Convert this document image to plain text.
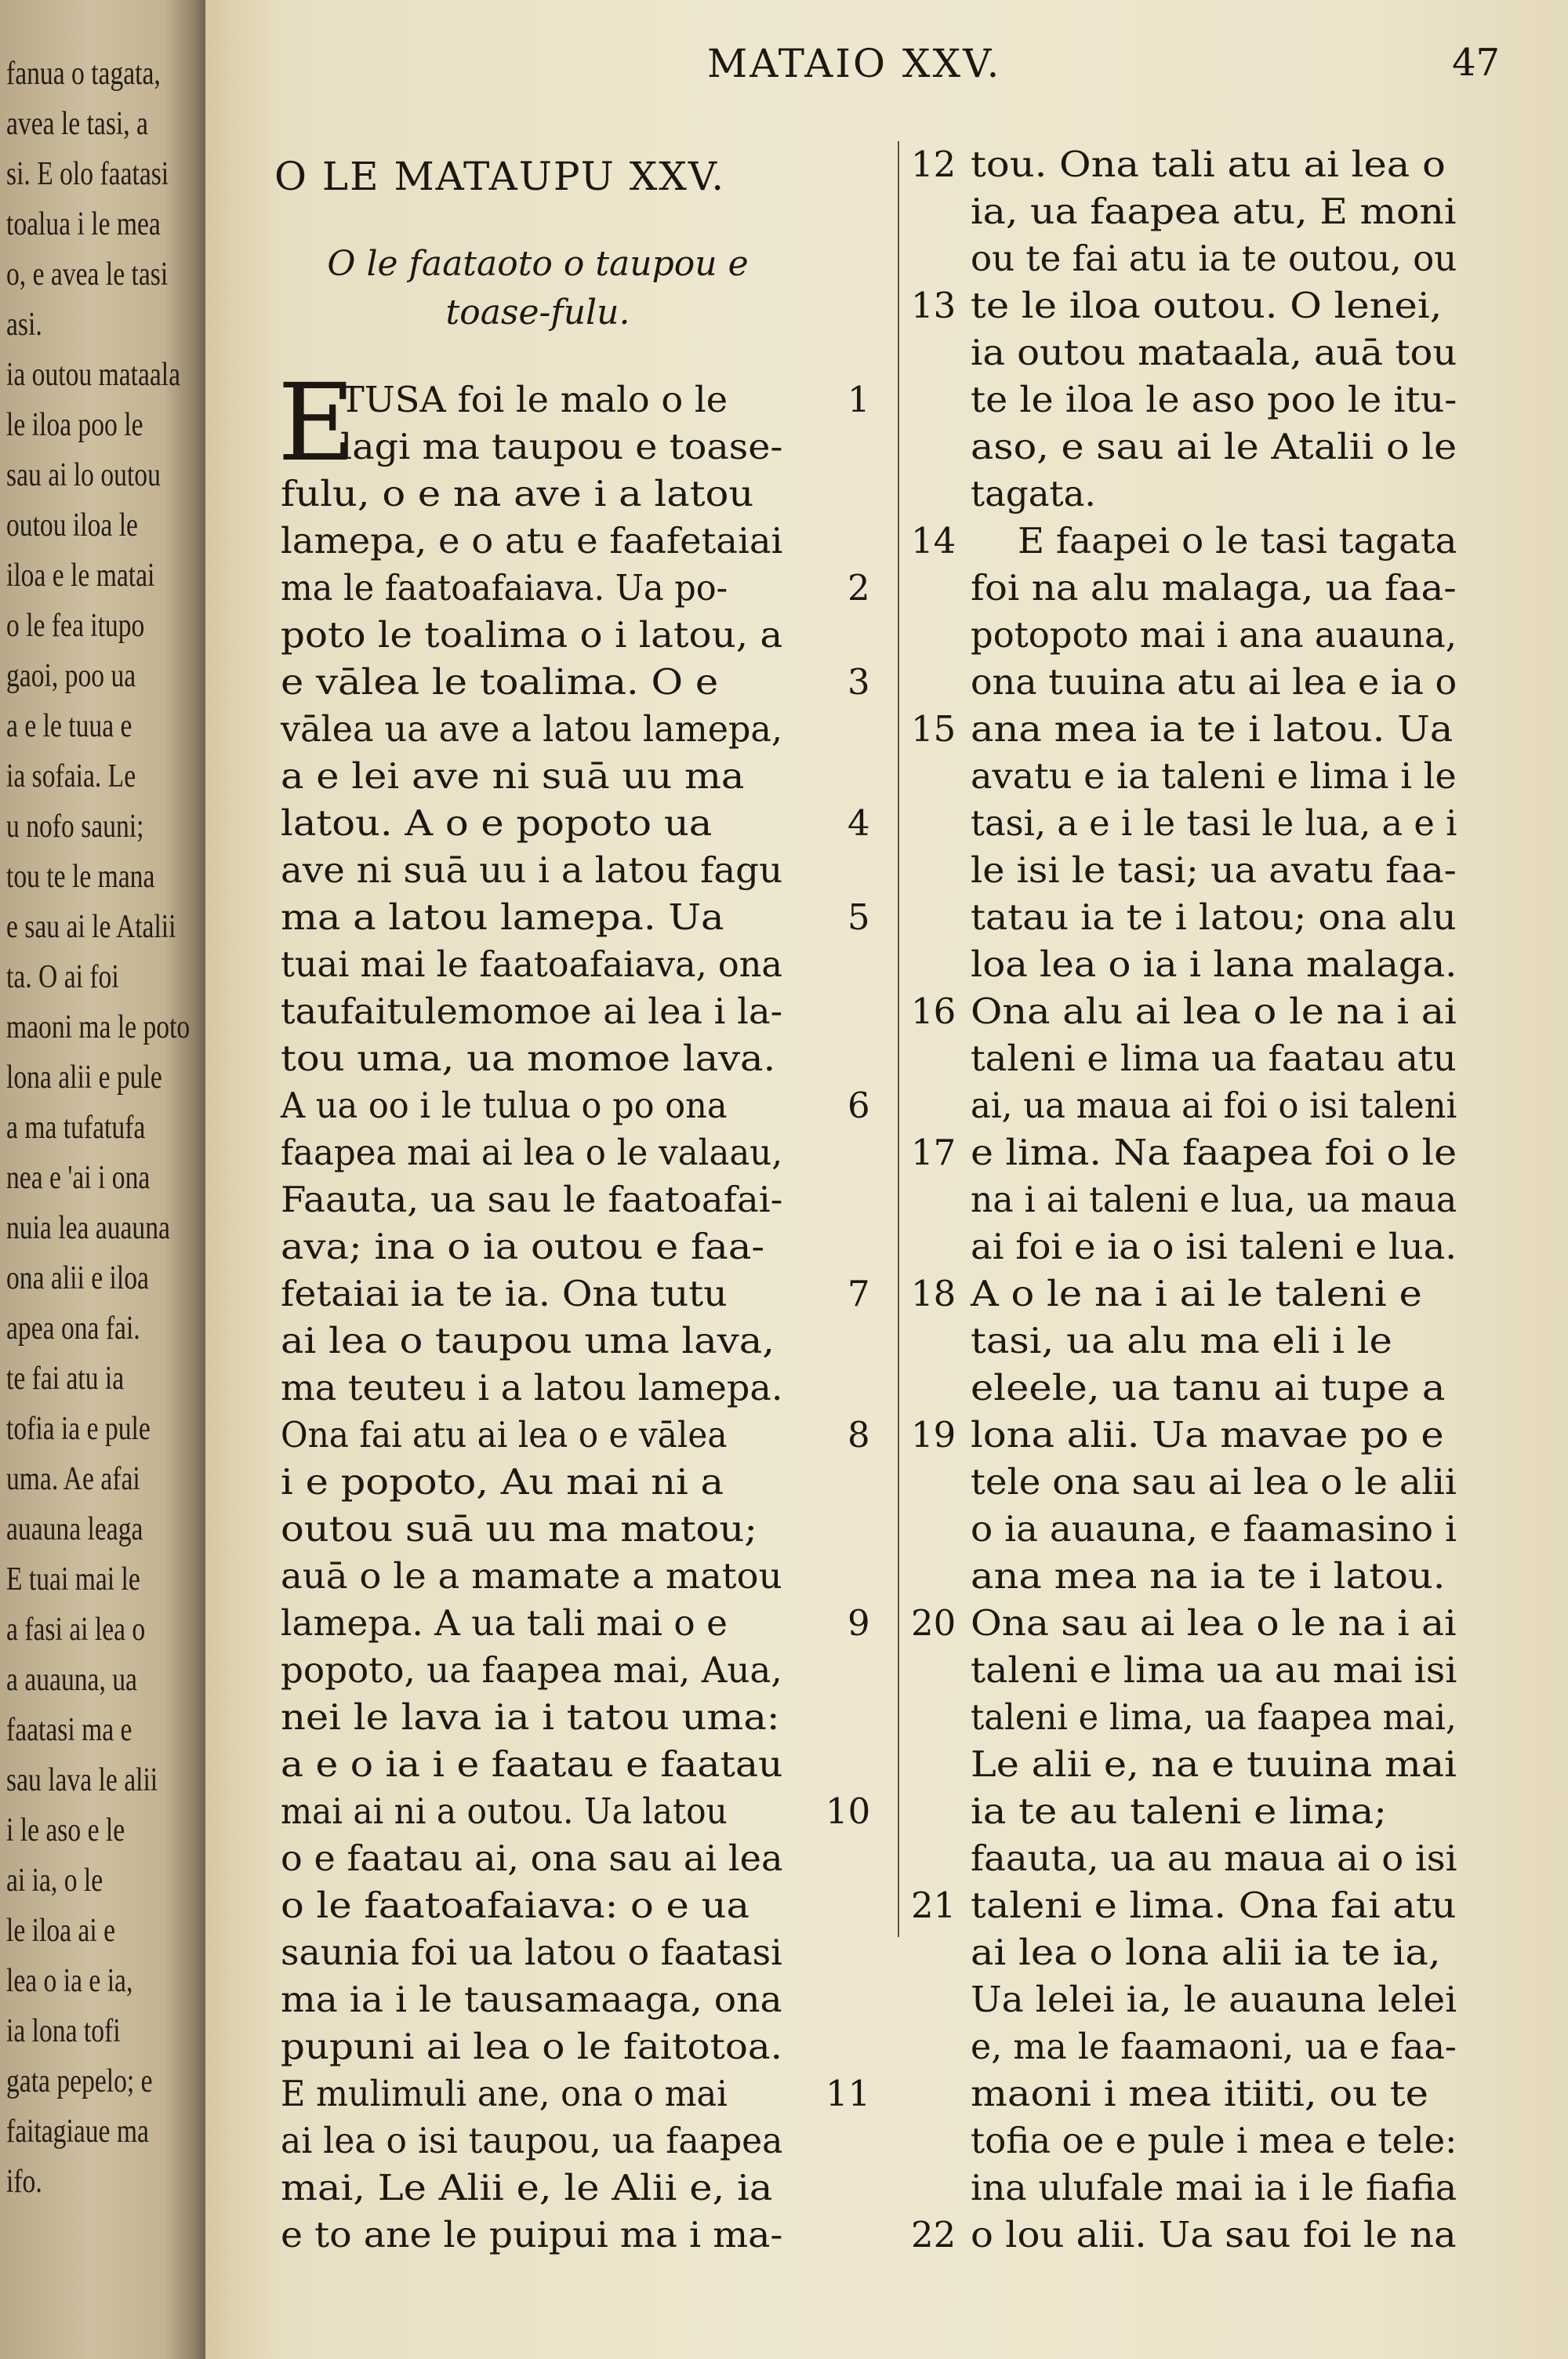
fanua o tagata,
avea le tasi, a
si. E olo faatasi
toalua i le mea
o, e avea le tasi
asi.
ia outou mataala
le iloa poo le
sau ai lo outou
outou iloa le
iloa e le matai
o le fea itupo
gaoi, poo ua
a e le tuua e
ia sofaia. Le
u nofo sauni;
tou te le mana
e sau ai le Atalii
ta. O ai foi
maoni ma le poto
lona alii e pule
a ma tufatufa
nea e 'ai i ona
nuia lea auauna
ona alii e iloa
apea ona fai.
te fai atu ia
tofia ia e pule
uma. Ae afai
auauna leaga
E tuai mai le
a fasi ai lea o
a auauna, ua
faatasi ma e
sau lava le alii
i le aso e le
ai ia, o le
le iloa ai e
lea o ia e ia,
ia lona tofi
gata pepelo; e
faitagiaue ma
ifo.
MATAIO XXV.	47
O LE MATAUPU XXV.
O le faataoto o taupou e toase-fulu.
E
TUSA foi le malo o le
lagi ma taupou e toase-
fulu, o e na ave i a latou
lamepa, e o atu e faafetaiai
ma le faatoafaiava. Ua po-
poto le toalima o i latou, a
e vālea le toalima. O e
vālea ua ave a latou lamepa,
a e lei ave ni suā uu ma
latou. A o e popoto ua
ave ni suā uu i a latou fagu
ma a latou lamepa. Ua
tuai mai le faatoafaiava, ona
taufaitulemomoe ai lea i la-
tou uma, ua momoe lava.
A ua oo i le tulua o po ona
faapea mai ai lea o le valaau,
Faauta, ua sau le faatoafai-
ava; ina o ia outou e faa-
fetaiai ia te ia. Ona tutu
ai lea o taupou uma lava,
ma teuteu i a latou lamepa.
Ona fai atu ai lea o e vālea
i e popoto, Au mai ni a
outou suā uu ma matou;
auā o le a mamate a matou
lamepa. A ua tali mai o e
popoto, ua faapea mai, Aua,
nei le lava ia i tatou uma:
a e o ia i e faatau e faatau
mai ai ni a outou. Ua latou
o e faatau ai, ona sau ai lea
o le faatoafaiava: o e ua
saunia foi ua latou o faatasi
ma ia i le tausamaaga, ona
pupuni ai lea o le faitotoa.
E mulimuli ane, ona o mai
ai lea o isi taupou, ua faapea
mai, Le Alii e, le Alii e, ia
e to ane le puipui ma i ma-
1
2
3
4
5
6
7
8
9
10
11
tou. Ona tali atu ai lea o
ia, ua faapea atu, E moni
ou te fai atu ia te outou, ou
te le iloa outou. O lenei,
ia outou mataala, auā tou
te le iloa le aso poo le itu-
aso, e sau ai le Atalii o le
tagata.
E faapei o le tasi tagata
foi na alu malaga, ua faa-
potopoto mai i ana auauna,
ona tuuina atu ai lea e ia o
ana mea ia te i latou. Ua
avatu e ia taleni e lima i le
tasi, a e i le tasi le lua, a e i
le isi le tasi; ua avatu faa-
tatau ia te i latou; ona alu
loa lea o ia i lana malaga.
Ona alu ai lea o le na i ai
taleni e lima ua faatau atu
ai, ua maua ai foi o isi taleni
e lima. Na faapea foi o le
na i ai taleni e lua, ua maua
ai foi e ia o isi taleni e lua.
A o le na i ai le taleni e
tasi, ua alu ma eli i le
eleele, ua tanu ai tupe a
lona alii. Ua mavae po e
tele ona sau ai lea o le alii
o ia auauna, e faamasino i
ana mea na ia te i latou.
Ona sau ai lea o le na i ai
taleni e lima ua au mai isi
taleni e lima, ua faapea mai,
Le alii e, na e tuuina mai
ia te au taleni e lima;
faauta, ua au maua ai o isi
taleni e lima. Ona fai atu
ai lea o lona alii ia te ia,
Ua lelei ia, le auauna lelei
e, ma le faamaoni, ua e faa-
maoni i mea itiiti, ou te
tofia oe e pule i mea e tele:
ina ulufale mai ia i le fiafia
o lou alii. Ua sau foi le na
12
13
14
15
16
17
18
19
20
21
22
